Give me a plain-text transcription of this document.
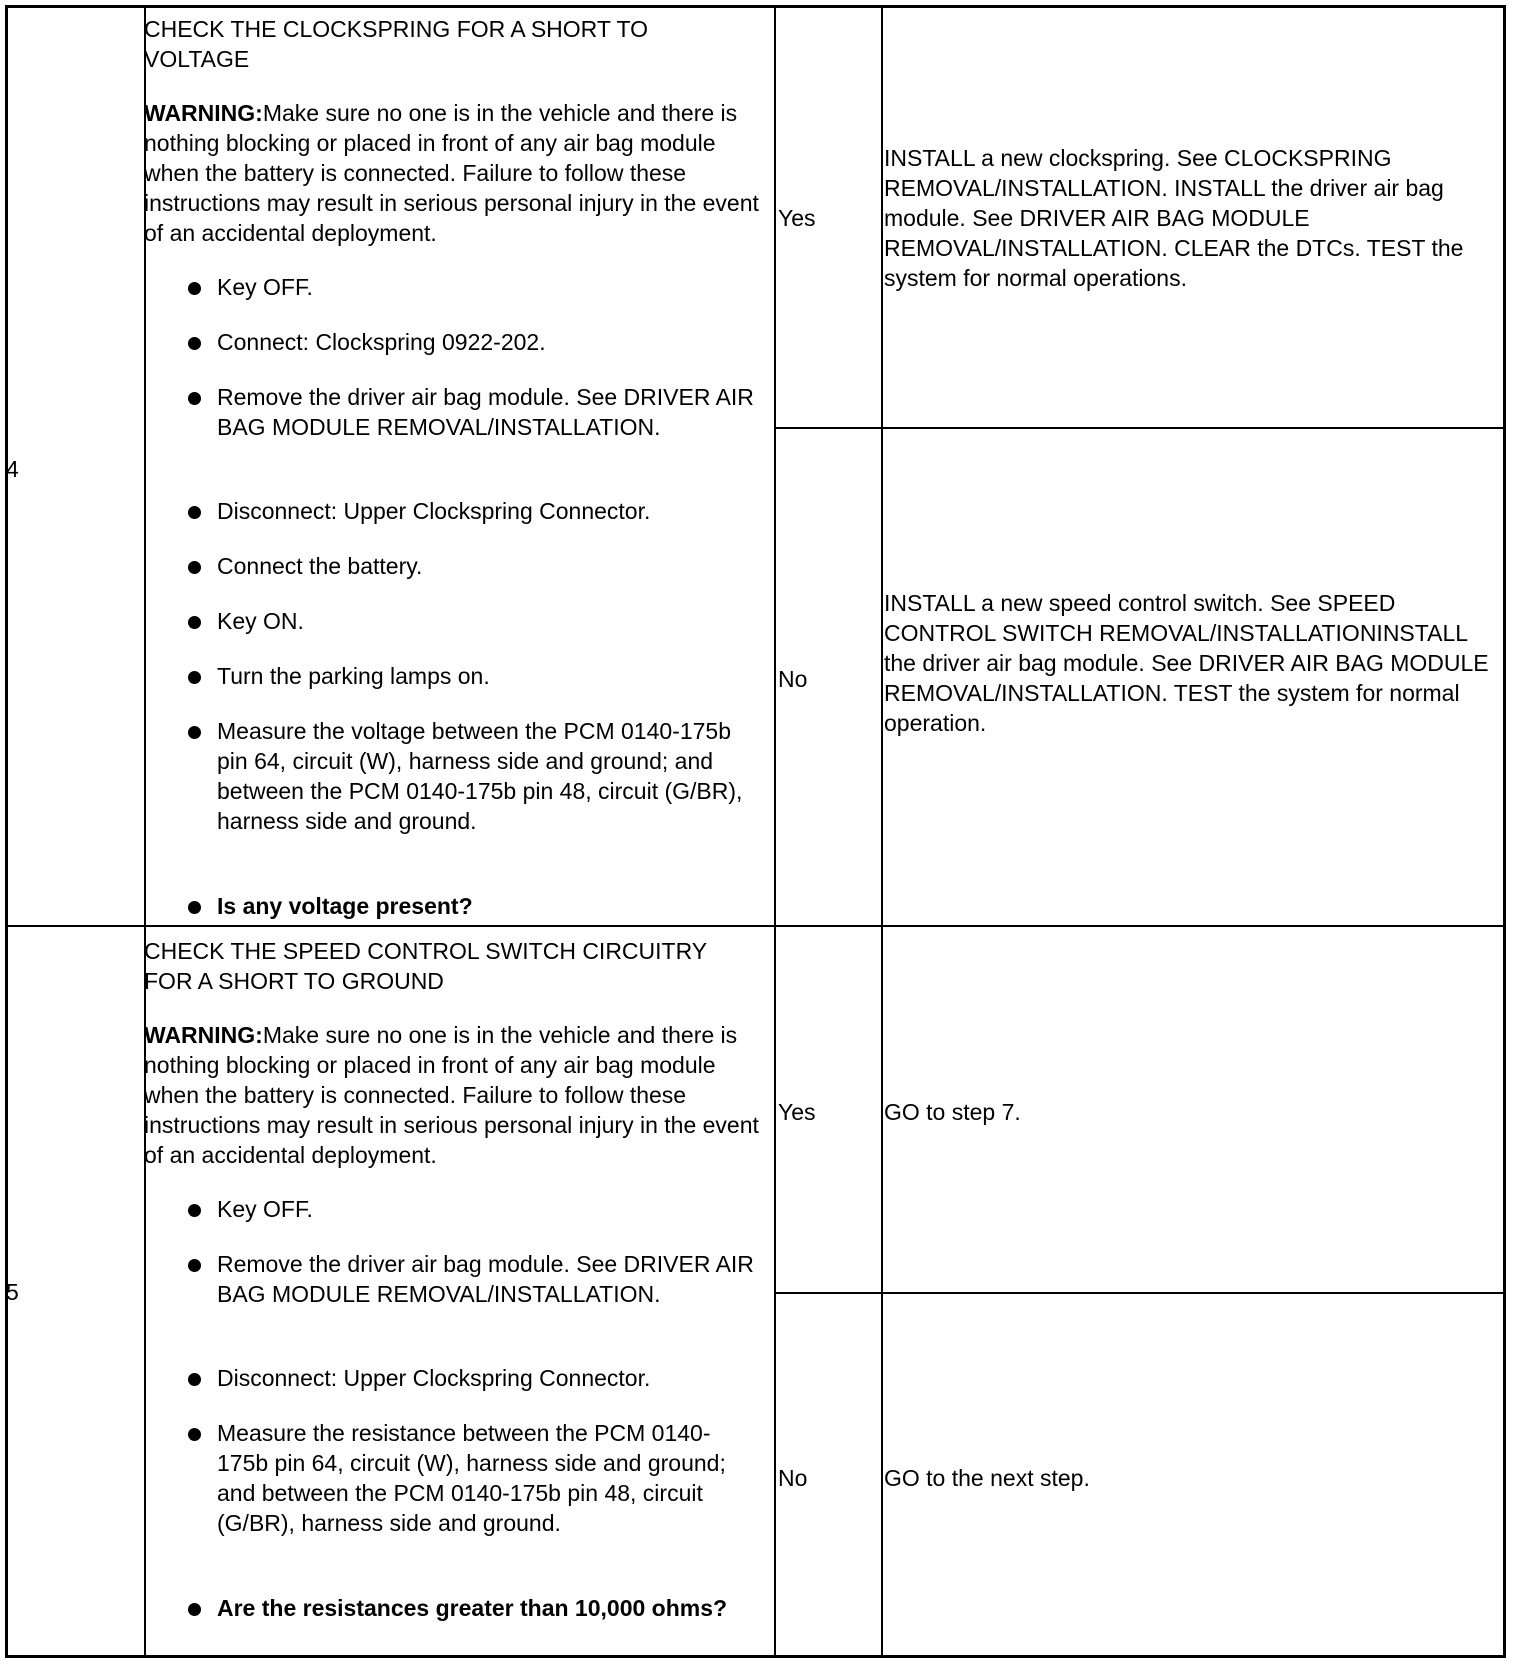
4
CHECK THE CLOCKSPRING FOR A SHORT TO
VOLTAGE
WARNING:Make sure no one is in the vehicle and there is nothing blocking or placed in front of any air bag module when the battery is connected. Failure to follow these instructions may result in serious personal injury in the event of an accidental deployment.
Key OFF.
Connect: Clockspring 0922-202.
Remove the driver air bag module. See DRIVER AIR BAG MODULE REMOVAL/INSTALLATION.
Disconnect: Upper Clockspring Connector.
Connect the battery.
Key ON.
Turn the parking lamps on.
Measure the voltage between the PCM 0140-175b pin 64, circuit (W), harness side and ground; and between the PCM 0140-175b pin 48, circuit (G/BR), harness side and ground.
Is any voltage present?
Yes
INSTALL a new clockspring. See CLOCKSPRING REMOVAL/INSTALLATION. INSTALL the driver air bag module. See DRIVER AIR BAG MODULE REMOVAL/INSTALLATION. CLEAR the DTCs. TEST the system for normal operations.
No
INSTALL a new speed control switch. See SPEED CONTROL SWITCH REMOVAL/INSTALLATIONINSTALL the driver air bag module. See DRIVER AIR BAG MODULE REMOVAL/INSTALLATION. TEST the system for normal operation.
5
CHECK THE SPEED CONTROL SWITCH CIRCUITRY
FOR A SHORT TO GROUND
WARNING:Make sure no one is in the vehicle and there is nothing blocking or placed in front of any air bag module when the battery is connected. Failure to follow these instructions may result in serious personal injury in the event of an accidental deployment.
Key OFF.
Remove the driver air bag module. See DRIVER AIR BAG MODULE REMOVAL/INSTALLATION.
Disconnect: Upper Clockspring Connector.
Measure the resistance between the PCM 0140-175b pin 64, circuit (W), harness side and ground; and between the PCM 0140-175b pin 48, circuit (G/BR), harness side and ground.
Are the resistances greater than 10,000 ohms?
Yes	GO to step 7.
No	GO to the next step.
